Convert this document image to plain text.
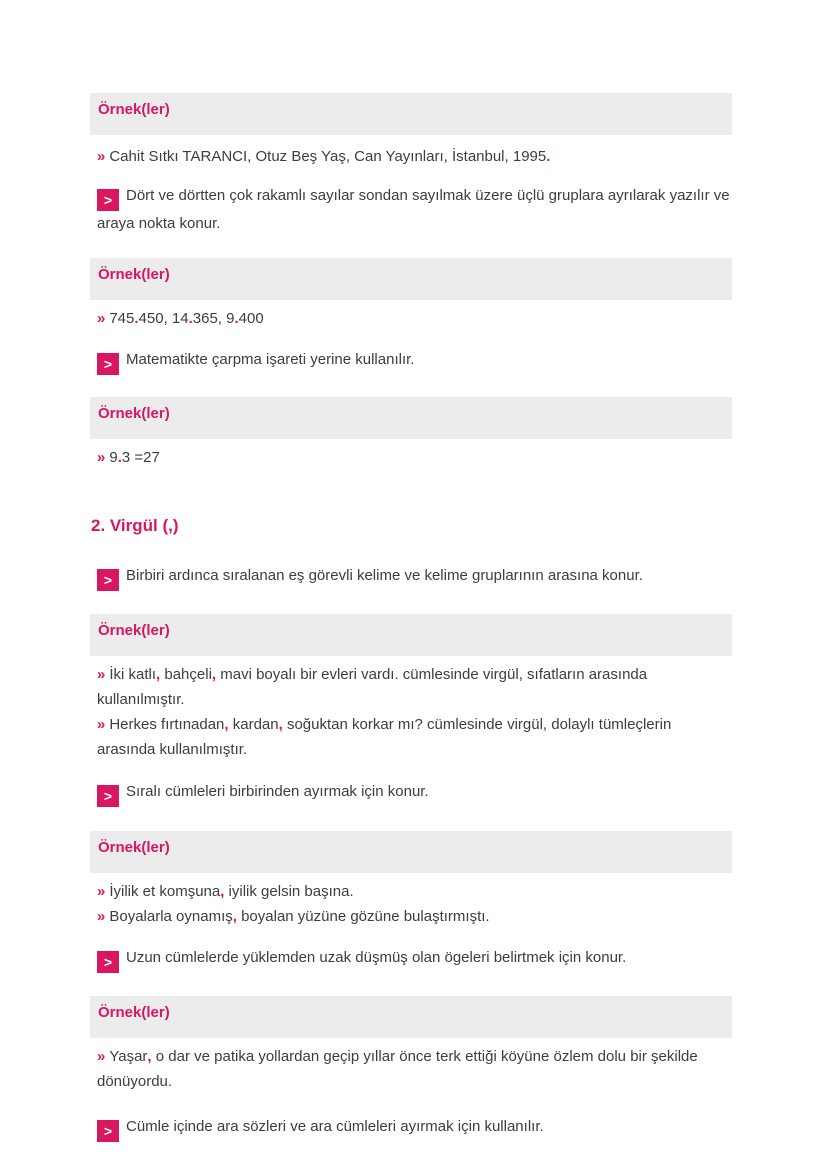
Örnek(ler)

» Cahit Sıtkı TARANCI, Otuz Beş Yaş, Can Yayınları, İstanbul, 1995.

> Dört ve dörtten çok rakamlı sayılar sondan sayılmak üzere üçlü gruplara ayrılarak yazılır ve araya nokta konur.
Örnek(ler)

» 745.450, 14.365, 9.400

> Matematikte çarpma işareti yerine kullanılır.
Örnek(ler)

» 9.3 =27

2. Virgül (,)
> Birbiri ardınca sıralanan eş görevli kelime ve kelime gruplarının arasına konur.
Örnek(ler)

» İki katlı, bahçeli, mavi boyalı bir evleri vardı. cümlesinde virgül, sıfatların arasında kullanılmıştır.

» Herkes fırtınadan, kardan, soğuktan korkar mı? cümlesinde virgül, dolaylı tümleçlerin arasında kullanılmıştır.

> Sıralı cümleleri birbirinden ayırmak için konur.
Örnek(ler)

» İyilik et komşuna, iyilik gelsin başına.

» Boyalarla oynamış, boyalan yüzüne gözüne bulaştırmıştı.

> Uzun cümlelerde yüklemden uzak düşmüş olan ögeleri belirtmek için konur.
Örnek(ler)

» Yaşar, o dar ve patika yollardan geçip yıllar önce terk ettiği köyüne özlem dolu bir şekilde dönüyordu.

> Cümle içinde ara sözleri ve ara cümleleri ayırmak için kullanılır.
